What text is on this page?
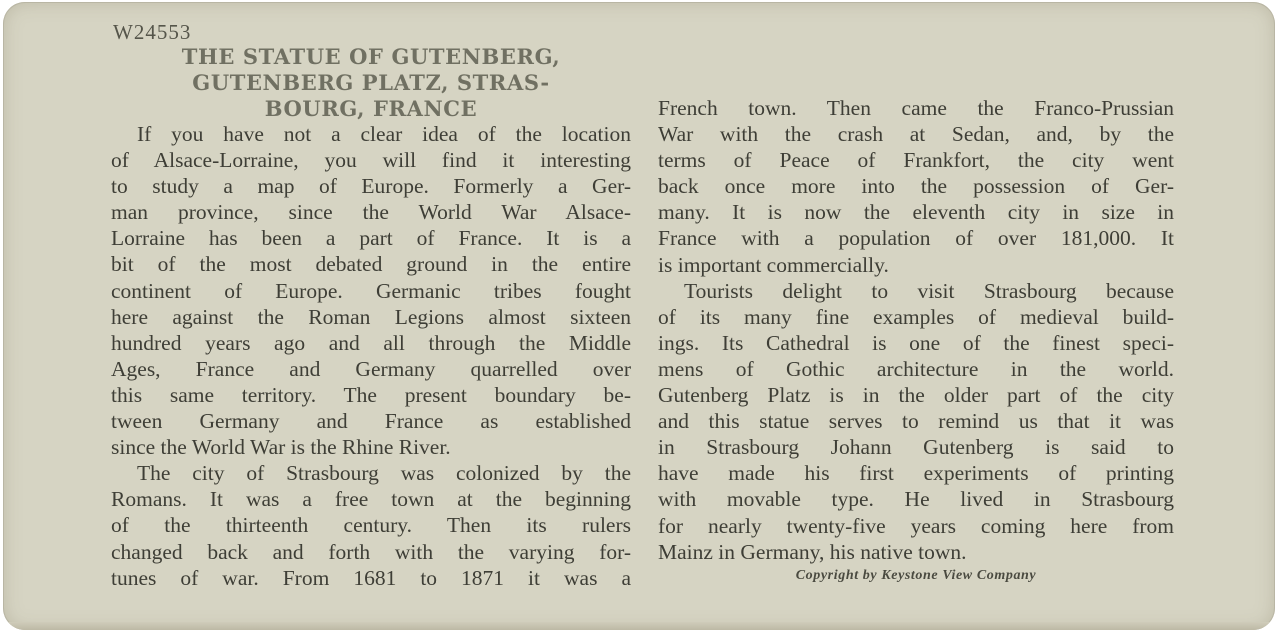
W24553
THE STATUE OF GUTENBERG,
GUTENBERG PLATZ, STRAS-
BOURG, FRANCE
If you have not a clear idea of the location
of Alsace-Lorraine, you will find it interesting
to study a map of Europe. Formerly a Ger-
man province, since the World War Alsace-
Lorraine has been a part of France. It is a
bit of the most debated ground in the entire
continent of Europe. Germanic tribes fought
here against the Roman Legions almost sixteen
hundred years ago and all through the Middle
Ages, France and Germany quarrelled over
this same territory. The present boundary be-
tween Germany and France as established
since the World War is the Rhine River.
The city of Strasbourg was colonized by the
Romans. It was a free town at the beginning
of the thirteenth century. Then its rulers
changed back and forth with the varying for-
tunes of war. From 1681 to 1871 it was a
French town. Then came the Franco-Prussian
War with the crash at Sedan, and, by the
terms of Peace of Frankfort, the city went
back once more into the possession of Ger-
many. It is now the eleventh city in size in
France with a population of over 181,000. It
is important commercially.
Tourists delight to visit Strasbourg because
of its many fine examples of medieval build-
ings. Its Cathedral is one of the finest speci-
mens of Gothic architecture in the world.
Gutenberg Platz is in the older part of the city
and this statue serves to remind us that it was
in Strasbourg Johann Gutenberg is said to
have made his first experiments of printing
with movable type. He lived in Strasbourg
for nearly twenty-five years coming here from
Mainz in Germany, his native town.
Copyright by Keystone View Company
